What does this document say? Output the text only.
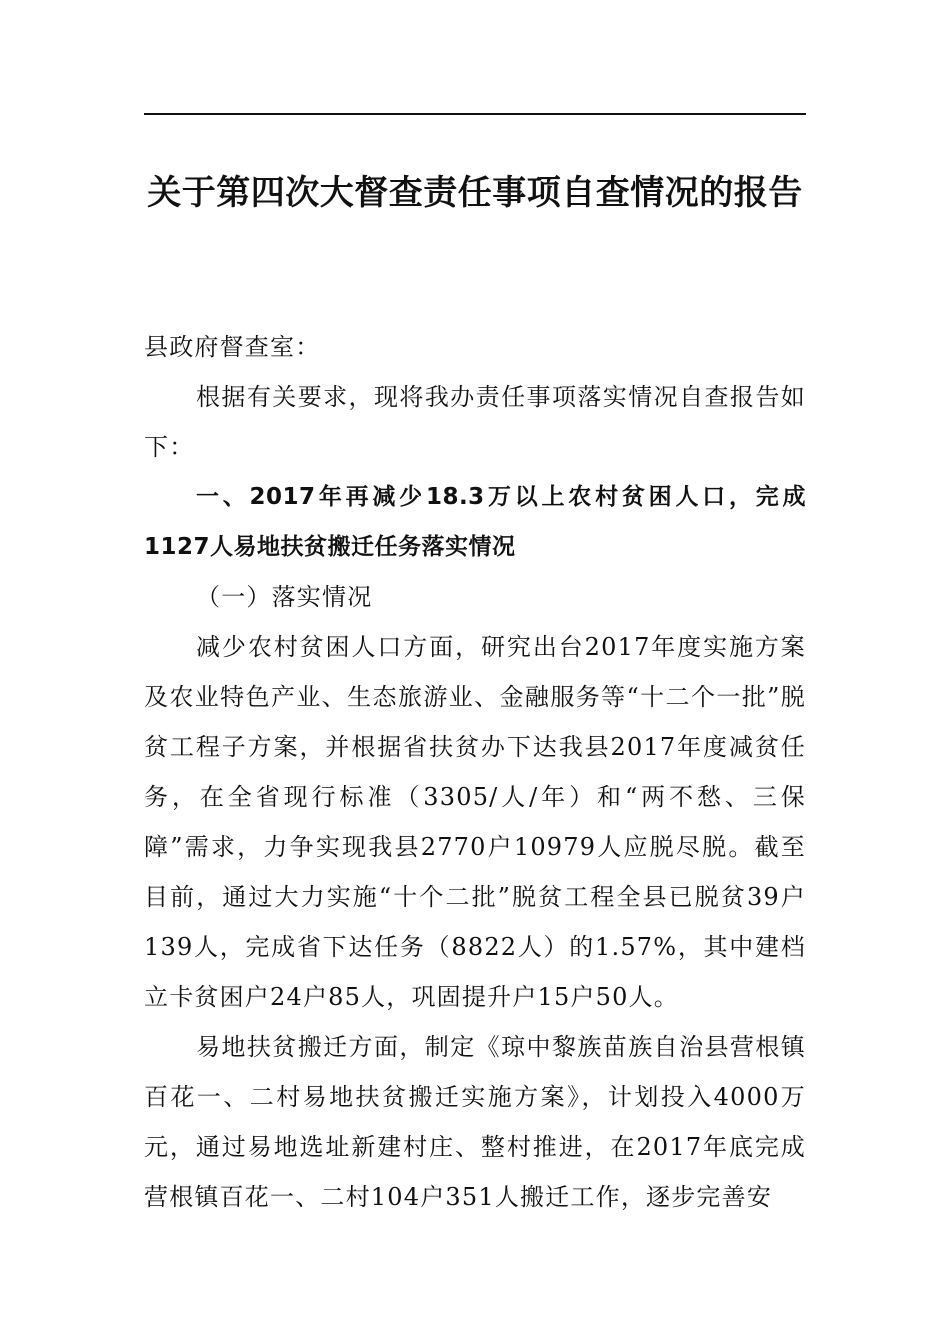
关于第四次大督查责任事项自查情况的报告

县政府督查室：

根据有关要求，现将我办责任事项落实情况自查报告如下：

一、2017年再减少18.3万以上农村贫困人口，完成1127人易地扶贫搬迁任务落实情况

（一）落实情况

减少农村贫困人口方面，研究出台2017年度实施方案及农业特色产业、生态旅游业、金融服务等“十二个一批”脱贫工程子方案，并根据省扶贫办下达我县2017年度减贫任务，在全省现行标准（3305/人/年）和“两不愁、三保障”需求，力争实现我县2770户10979人应脱尽脱。截至目前，通过大力实施“十个二批”脱贫工程全县已脱贫39户139人，完成省下达任务（8822人）的1.57%，其中建档立卡贫困户24户85人，巩固提升户15户50人。

易地扶贫搬迁方面，制定《琼中黎族苗族自治县营根镇百花一、二村易地扶贫搬迁实施方案》，计划投入4000万元，通过易地选址新建村庄、整村推进，在2017年底完成营根镇百花一、二村104户351人搬迁工作，逐步完善安
